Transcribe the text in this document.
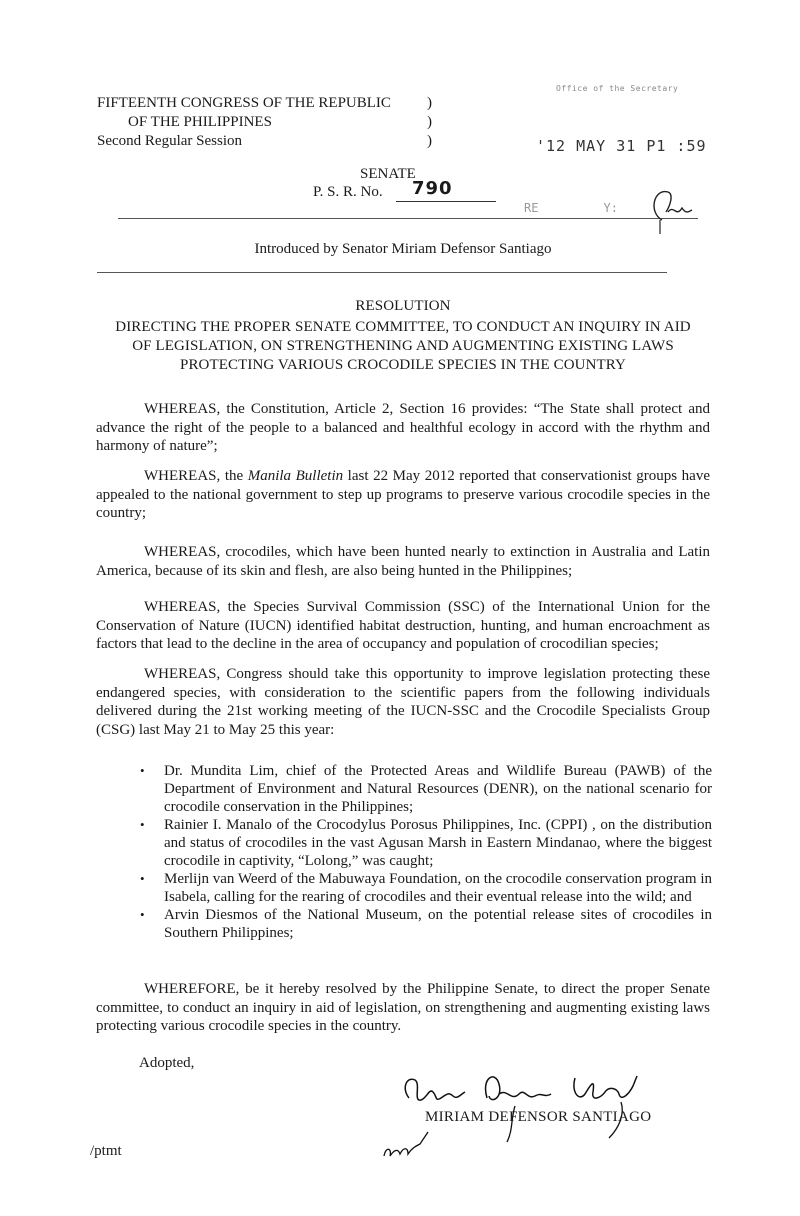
FIFTEENTH CONGRESS OF THE REPUBLIC
OF THE PHILIPPINES
Second Regular Session
)
)
)
Office of the Secretary
'12 MAY 31 P1 :59
RE         Y:
SENATE
P. S. R. No. 790
Introduced by Senator Miriam Defensor Santiago
RESOLUTION
DIRECTING THE PROPER SENATE COMMITTEE, TO CONDUCT AN INQUIRY IN AID
OF LEGISLATION, ON STRENGTHENING AND AUGMENTING EXISTING LAWS
PROTECTING VARIOUS CROCODILE SPECIES IN THE COUNTRY
WHEREAS, the Constitution, Article 2, Section 16 provides: “The State shall protect and advance the right of the people to a balanced and healthful ecology in accord with the rhythm and harmony of nature”;
WHEREAS, the Manila Bulletin last 22 May 2012 reported that conservationist groups have appealed to the national government to step up programs to preserve various crocodile species in the country;
WHEREAS, crocodiles, which have been hunted nearly to extinction in Australia and Latin America, because of its skin and flesh, are also being hunted in the Philippines;
WHEREAS, the Species Survival Commission (SSC) of the International Union for the Conservation of Nature (IUCN) identified habitat destruction, hunting, and human encroachment as factors that lead to the decline in the area of occupancy and population of crocodilian species;
WHEREAS, Congress should take this opportunity to improve legislation protecting these endangered species, with consideration to the scientific papers from the following individuals delivered during the 21st working meeting of the IUCN-SSC and the Crocodile Specialists Group (CSG) last May 21 to May 25 this year:
• Dr. Mundita Lim, chief of the Protected Areas and Wildlife Bureau (PAWB) of the Department of Environment and Natural Resources (DENR), on the national scenario for crocodile conservation in the Philippines;
• Rainier I. Manalo of the Crocodylus Porosus Philippines, Inc. (CPPI) , on the distribution and status of crocodiles in the vast Agusan Marsh in Eastern Mindanao, where the biggest crocodile in captivity, “Lolong,” was caught;
• Merlijn van Weerd of the Mabuwaya Foundation, on the crocodile conservation program in Isabela, calling for the rearing of crocodiles and their eventual release into the wild; and
• Arvin Diesmos of the National Museum, on the potential release sites of crocodiles in Southern Philippines;
WHEREFORE, be it hereby resolved by the Philippine Senate, to direct the proper Senate committee, to conduct an inquiry in aid of legislation, on strengthening and augmenting existing laws protecting various crocodile species in the country.
Adopted,
MIRIAM DEFENSOR SANTIAGO
/ptmt
